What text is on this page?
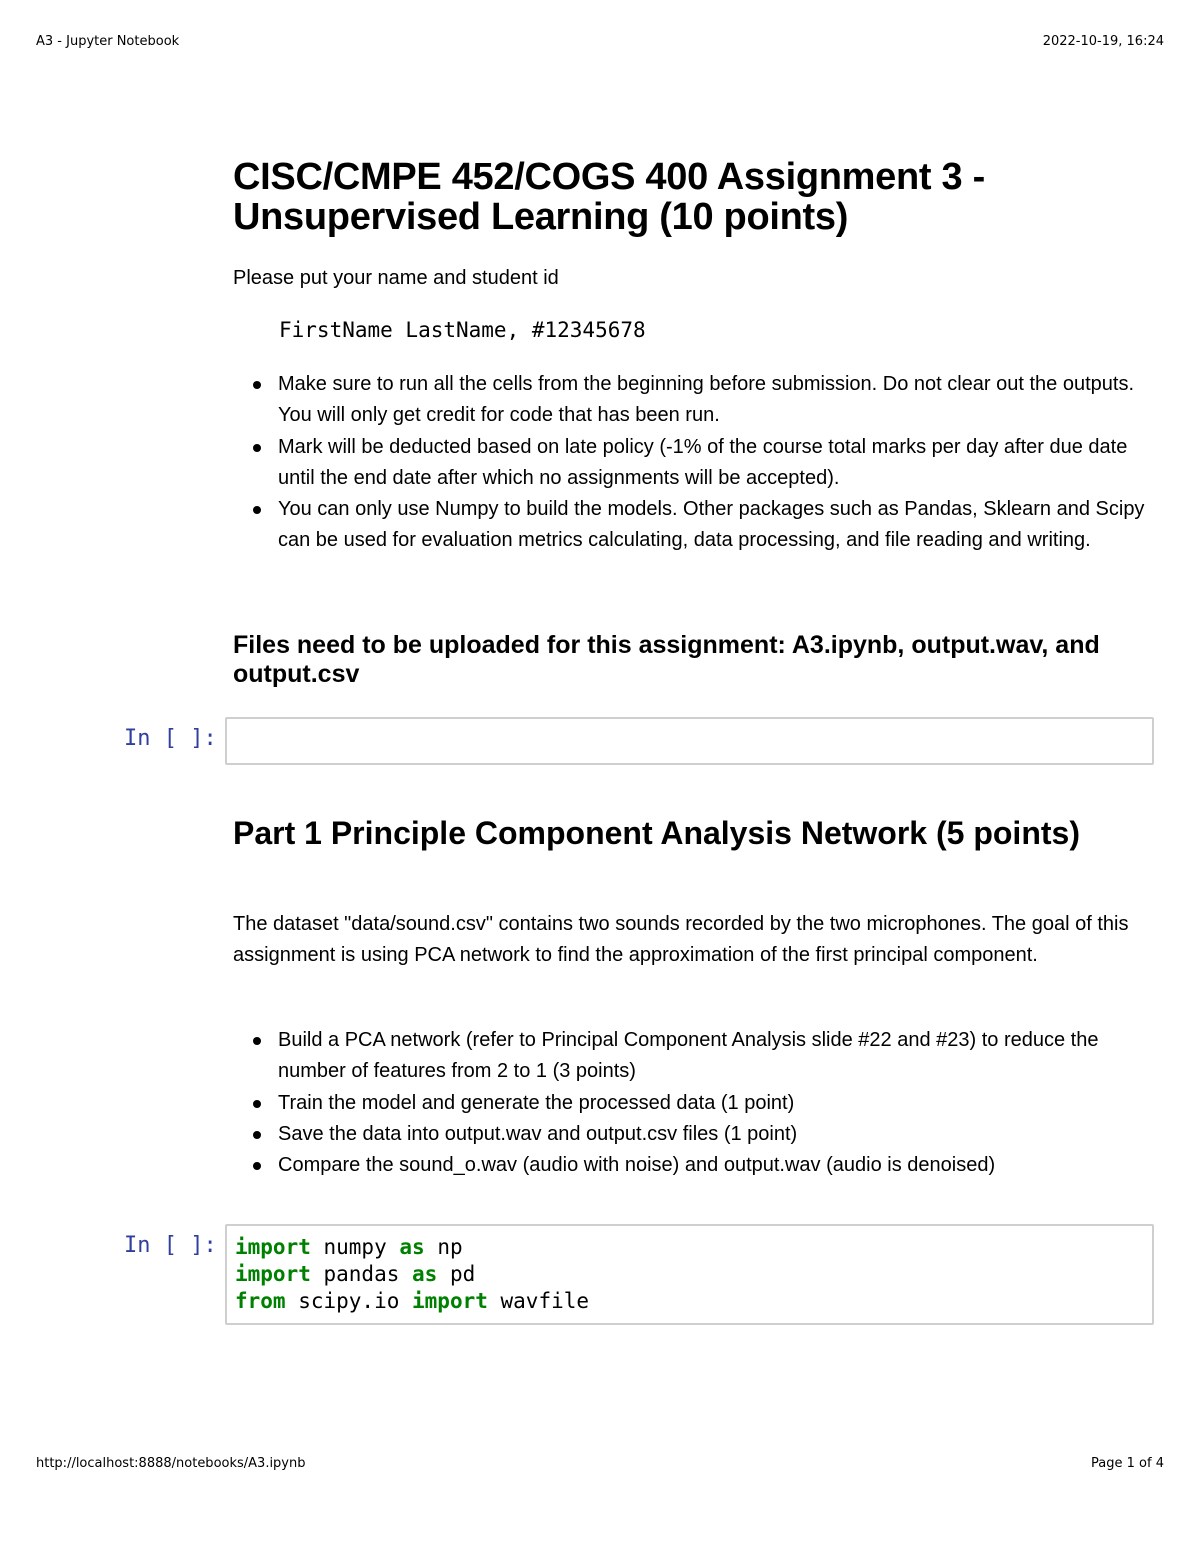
A3 - Jupyter Notebook	2022-10-19, 16:24
CISC/CMPE 452/COGS 400 Assignment 3 - Unsupervised Learning (10 points)

Please put your name and student id

FirstName LastName, #12345678

Make sure to run all the cells from the beginning before submission. Do not clear out the outputs. You will only get credit for code that has been run.
Mark will be deducted based on late policy (-1% of the course total marks per day after due date until the end date after which no assignments will be accepted).
You can only use Numpy to build the models. Other packages such as Pandas, Sklearn and Scipy can be used for evaluation metrics calculating, data processing, and file reading and writing.
Files need to be uploaded for this assignment: A3.ipynb, output.wav, and output.csv
Part 1 Principle Component Analysis Network (5 points)

The dataset "data/sound.csv" contains two sounds recorded by the two microphones. The goal of this assignment is using PCA network to find the approximation of the first principal component.

Build a PCA network (refer to Principal Component Analysis slide #22 and #23) to reduce the number of features from 2 to 1 (3 points)
Train the model and generate the processed data (1 point)
Save the data into output.wav and output.csv files (1 point)
Compare the sound_o.wav (audio with noise) and output.wav (audio is denoised)
In [ ]:
In [ ]: import numpy as np
import pandas as pd
from scipy.io import wavfile
http://localhost:8888/notebooks/A3.ipynb	Page 1 of 4
